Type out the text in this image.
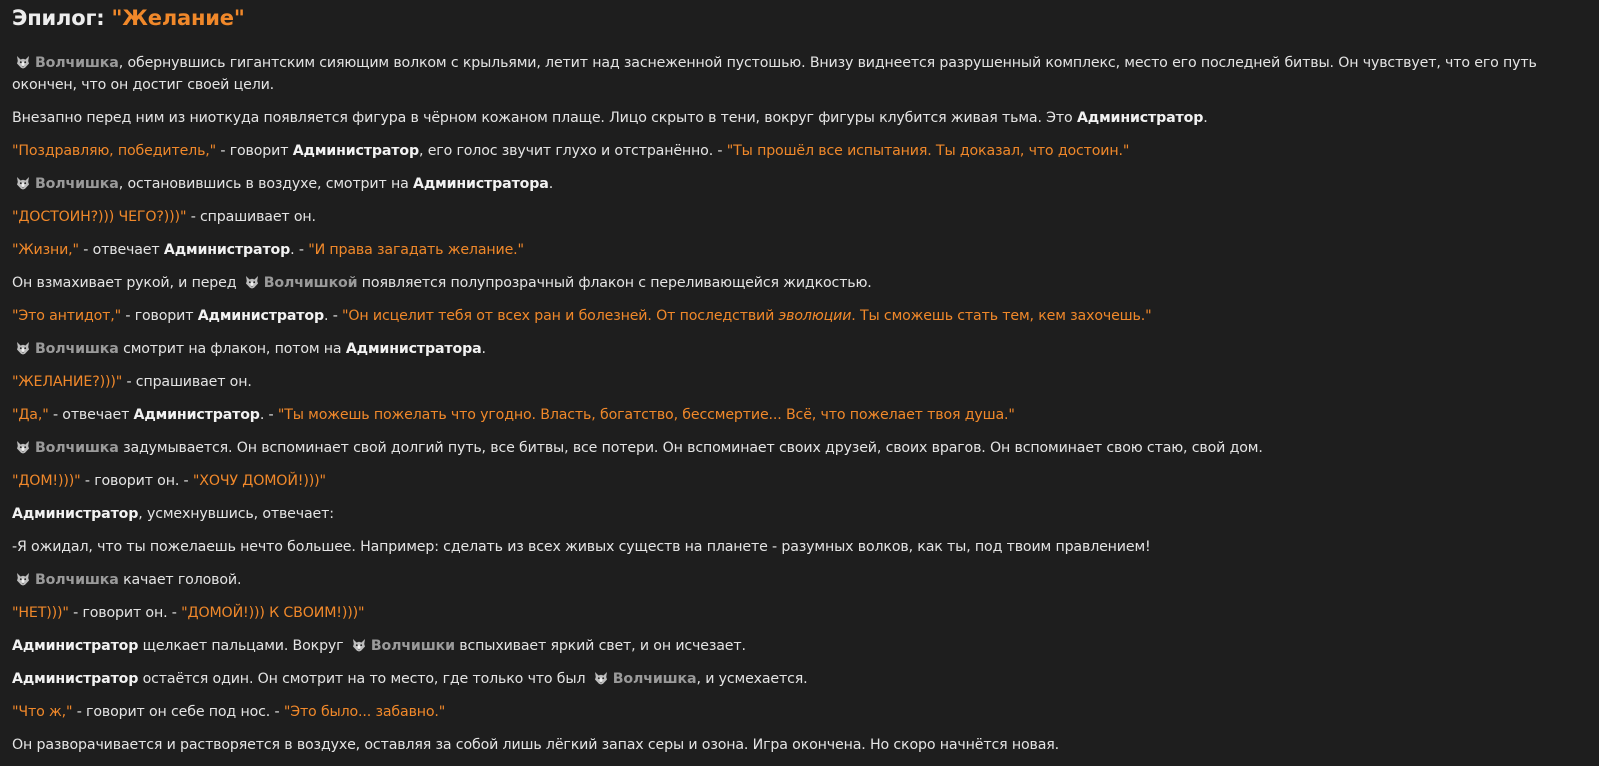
Эпилог: "Желание"

Волчишка, обернувшись гигантским сияющим волком с крыльями, летит над заснеженной пустошью. Внизу виднеется разрушенный комплекс, место его последней битвы. Он чувствует, что его путь окончен, что он достиг своей цели.

Внезапно перед ним из ниоткуда появляется фигура в чёрном кожаном плаще. Лицо скрыто в тени, вокруг фигуры клубится живая тьма. Это Администратор.

"Поздравляю, победитель," - говорит Администратор, его голос звучит глухо и отстранённо. - "Ты прошёл все испытания. Ты доказал, что достоин."

Волчишка, остановившись в воздухе, смотрит на Администратора.

"ДОСТОИН?))) ЧЕГО?)))" - спрашивает он.

"Жизни," - отвечает Администратор. - "И права загадать желание."

Он взмахивает рукой, и перед
Волчишкой появляется полупрозрачный флакон с переливающейся жидкостью.

"Это антидот," - говорит Администратор. - "Он исцелит тебя от всех ран и болезней. От последствий эволюции. Ты сможешь стать тем, кем захочешь."

Волчишка смотрит на флакон, потом на Администратора.

"ЖЕЛАНИЕ?)))" - спрашивает он.

"Да," - отвечает Администратор. - "Ты можешь пожелать что угодно. Власть, богатство, бессмертие... Всё, что пожелает твоя душа."

Волчишка задумывается. Он вспоминает свой долгий путь, все битвы, все потери. Он вспоминает своих друзей, своих врагов. Он вспоминает свою стаю, свой дом.

"ДОМ!)))" - говорит он. - "ХОЧУ ДОМОЙ!)))"

Администратор, усмехнувшись, отвечает:

-Я ожидал, что ты пожелаешь нечто большее. Например: сделать из всех живых существ на планете - разумных волков, как ты, под твоим правлением!

Волчишка качает головой.

"НЕТ)))" - говорит он. - "ДОМОЙ!))) К СВОИМ!)))"

Администратор щелкает пальцами. Вокруг
Волчишки вспыхивает яркий свет, и он исчезает.

Администратор остаётся один. Он смотрит на то место, где только что был
Волчишка, и усмехается.

"Что ж," - говорит он себе под нос. - "Это было... забавно."

Он разворачивается и растворяется в воздухе, оставляя за собой лишь лёгкий запах серы и озона. Игра окончена. Но скоро начнётся новая.
